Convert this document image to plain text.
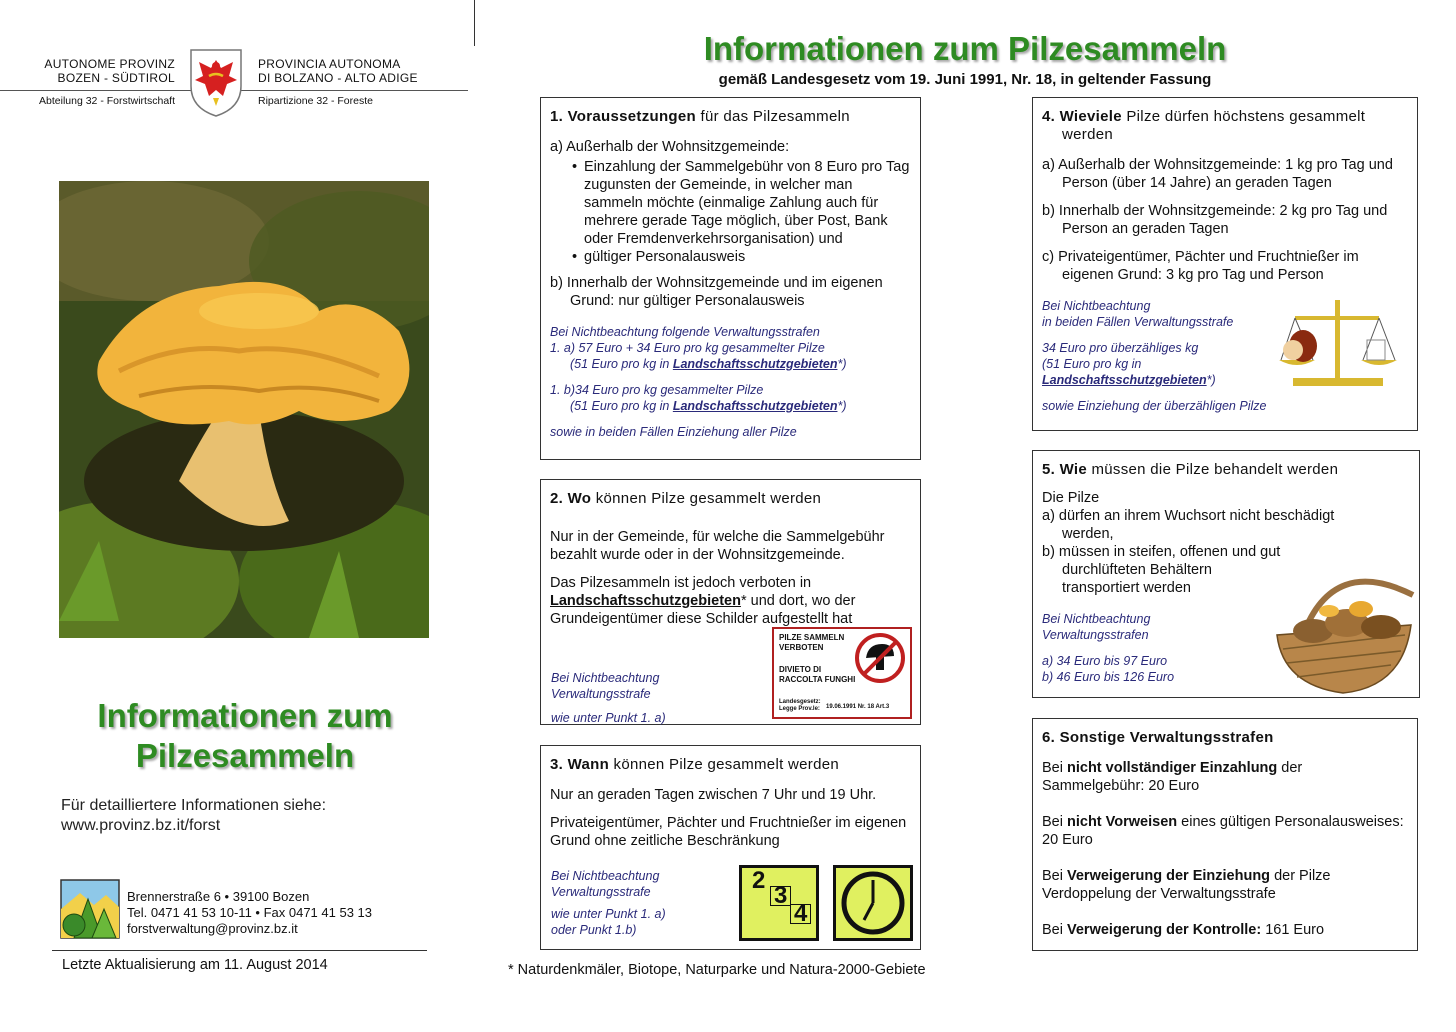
AUTONOME PROVINZ
BOZEN - SÜDTIROL
PROVINCIA AUTONOMA
DI BOLZANO - ALTO ADIGE
Abteilung 32 - Forstwirtschaft	Ripartizione 32 - Foreste
Informationen zum
Pilzesammeln
Für detailliertere Informationen siehe:
www.provinz.bz.it/forst
Brennerstraße 6 • 39100 Bozen
Tel. 0471 41 53 10-11 • Fax 0471 41 53 13
forstverwaltung@provinz.bz.it
Letzte Aktualisierung am 11. August 2014
Informationen zum Pilzesammeln
gemäß Landesgesetz vom 19. Juni 1991, Nr. 18, in geltender Fassung
1. Voraussetzungen für das Pilzesammeln
a) Außerhalb der Wohnsitzgemeinde:
• Einzahlung der Sammelgebühr von 8 Euro pro Tag zugunsten der Gemeinde, in welcher man sammeln möchte (einmalige Zahlung auch für mehrere gerade Tage möglich, über Post, Bank oder Fremdenverkehrsorganisation) und
• gültiger Personalausweis

b) Innerhalb der Wohnsitzgemeinde und im eigenen Grund: nur gültiger Personalausweis

Bei Nichtbeachtung folgende Verwaltungsstrafen
1. a) 57 Euro + 34 Euro pro kg gesammelter Pilze
(51 Euro pro kg in Landschaftsschutzgebieten*)
1. b)34 Euro pro kg gesammelter Pilze
(51 Euro pro kg in Landschaftsschutzgebieten*)
sowie in beiden Fällen Einziehung aller Pilze
2. Wo können Pilze gesammelt werden

Nur in der Gemeinde, für welche die Sammelgebühr bezahlt wurde oder in der Wohnsitzgemeinde.

Das Pilzesammeln ist jedoch verboten in Landschaftsschutzgebieten* und dort, wo der Grundeigentümer diese Schilder aufgestellt hat

Bei Nichtbeachtung
Verwaltungsstrafe
wie unter Punkt 1. a)
PILZE SAMMELN
VERBOTEN
DIVIETO DI
RACCOLTA FUNGHI
Landesgesetz:
Legge Prov.le: 19.06.1991 Nr. 18 Art.3
3. Wann können Pilze gesammelt werden

Nur an geraden Tagen zwischen 7 Uhr und 19 Uhr.

Privateigentümer, Pächter und Fruchtnießer im eigenen Grund ohne zeitliche Beschränkung

Bei Nichtbeachtung
Verwaltungsstrafe
wie unter Punkt 1. a)
oder Punkt 1.b)
2
3
4
4. Wieviele Pilze dürfen höchstens gesammelt werden

a) Außerhalb der Wohnsitzgemeinde: 1 kg pro Tag und Person (über 14 Jahre) an geraden Tagen

b) Innerhalb der Wohnsitzgemeinde: 2 kg pro Tag und Person an geraden Tagen

c) Privateigentümer, Pächter und Fruchtnießer im eigenen Grund: 3 kg pro Tag und Person

Bei Nichtbeachtung
in beiden Fällen Verwaltungsstrafe
34 Euro pro überzähliges kg
(51 Euro pro kg in
Landschaftsschutzgebieten*)
sowie Einziehung der überzähligen Pilze
5. Wie müssen die Pilze behandelt werden
Die Pilze
a) dürfen an ihrem Wuchsort nicht beschädigt werden,
b) müssen in steifen, offenen und gut durchlüfteten Behältern transportiert werden
Bei Nichtbeachtung
Verwaltungsstrafen
a) 34 Euro bis 97 Euro
b) 46 Euro bis 126 Euro
6. Sonstige Verwaltungsstrafen

Bei nicht vollständiger Einzahlung der Sammelgebühr: 20 Euro

Bei nicht Vorweisen eines gültigen Personalausweises: 20 Euro

Bei Verweigerung der Einziehung der Pilze Verdoppelung der Verwaltungsstrafe

Bei Verweigerung der Kontrolle: 161 Euro

* Naturdenkmäler, Biotope, Naturparke und Natura-2000-Gebiete
